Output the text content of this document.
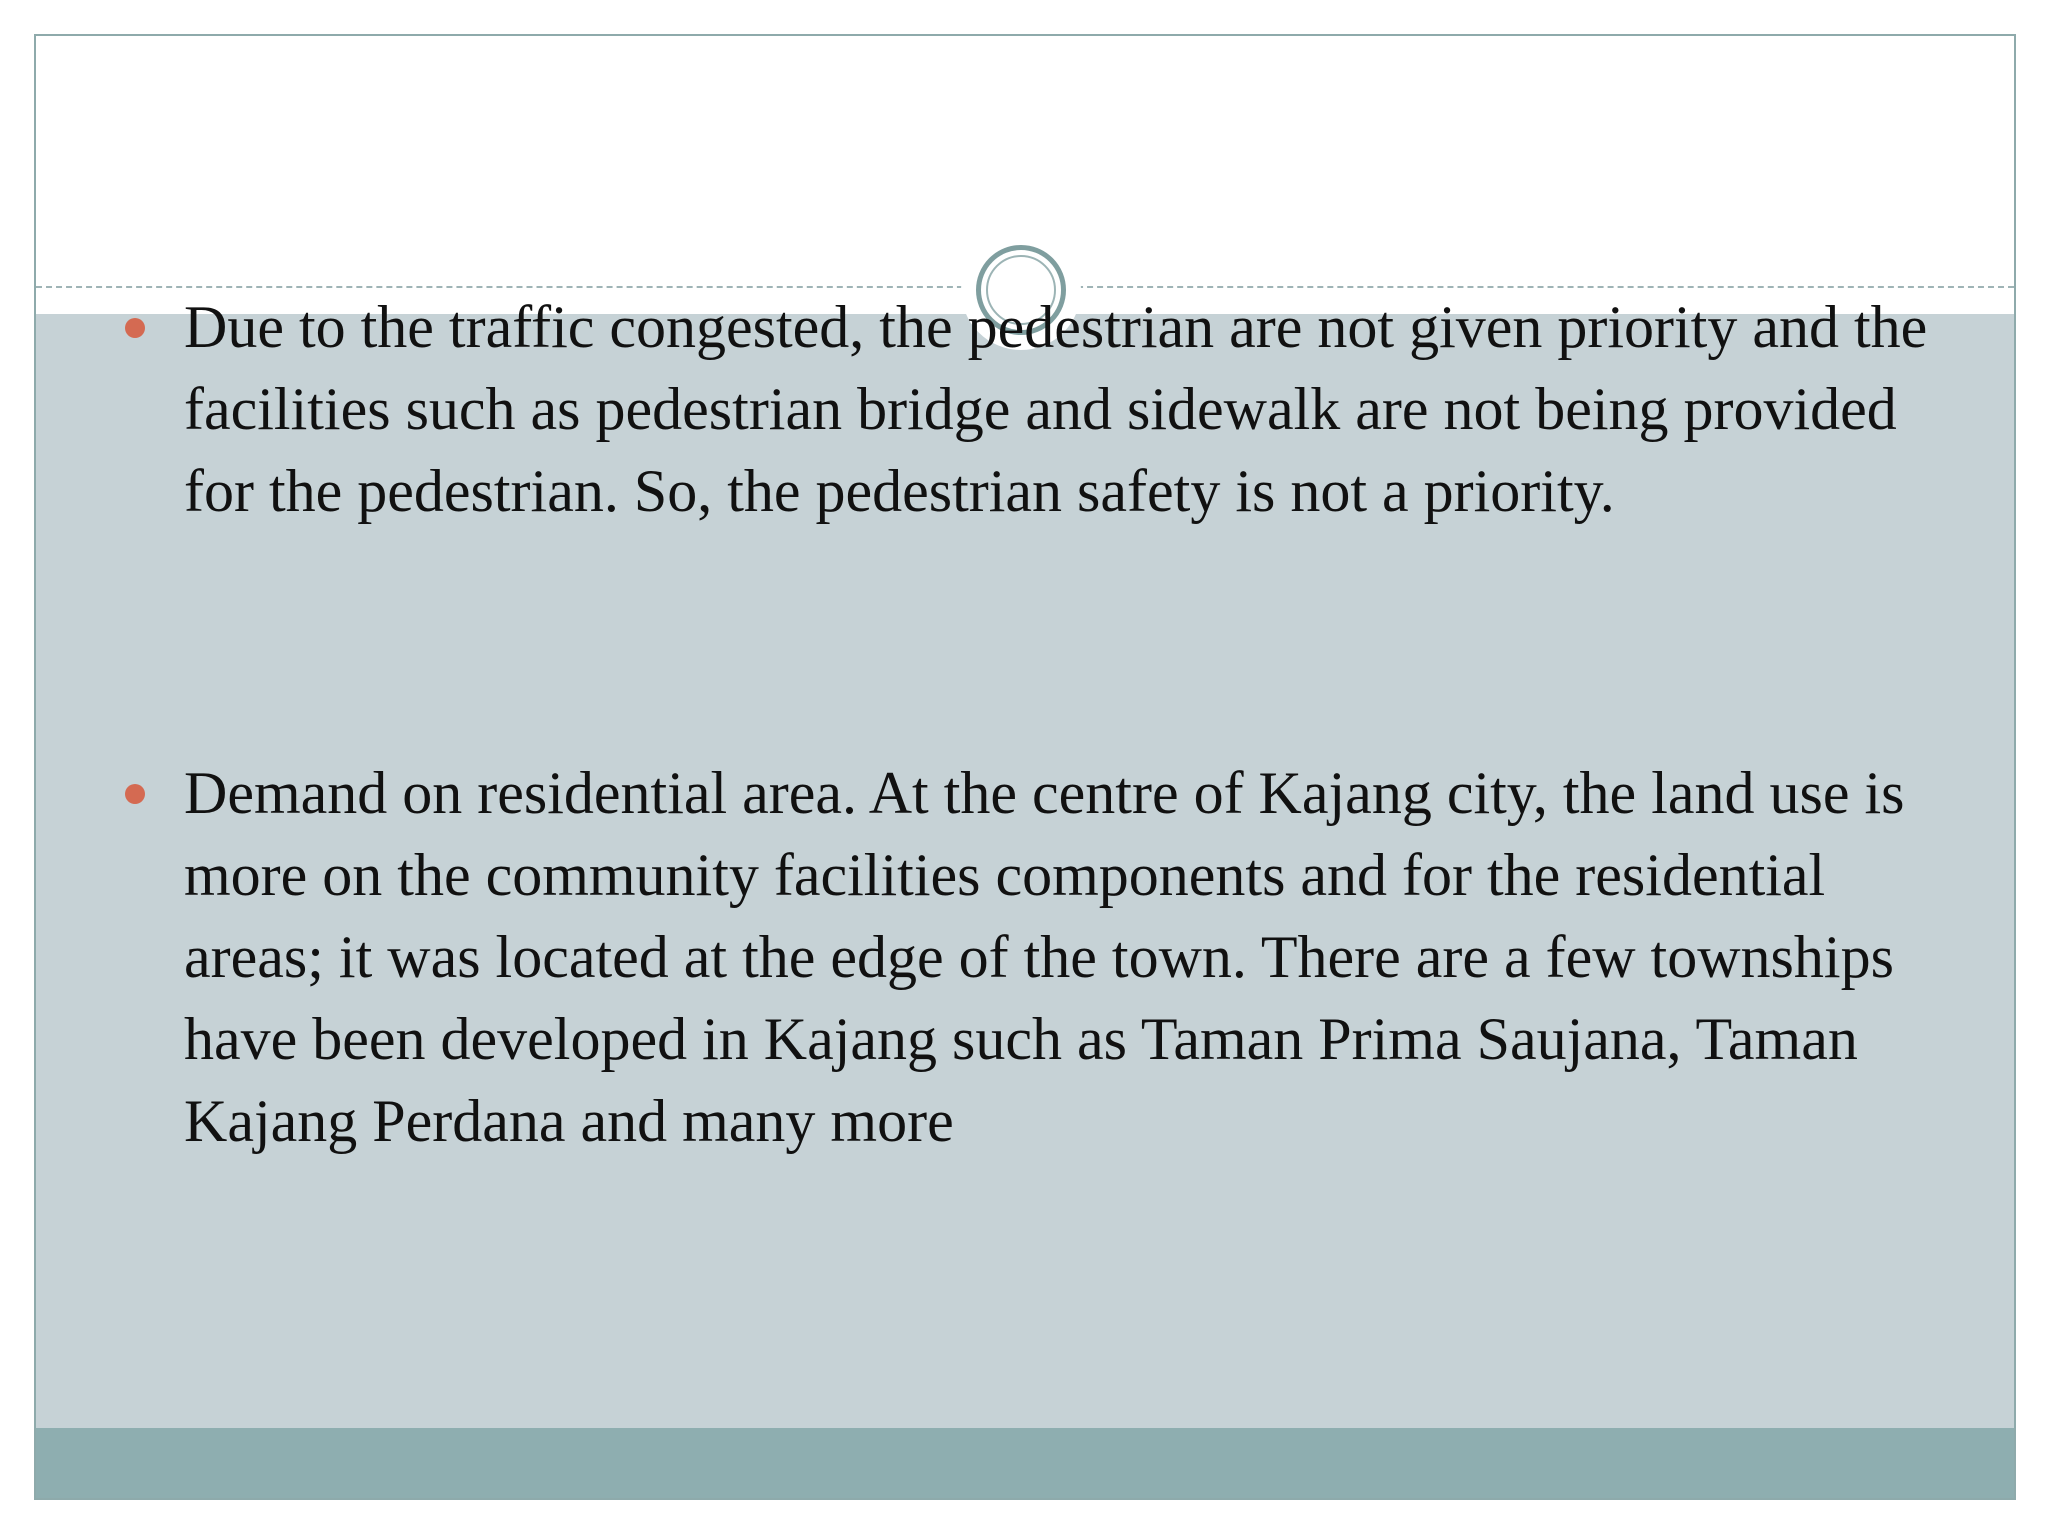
Due to the traffic congested, the pedestrian are not given priority and the facilities such as pedestrian bridge and sidewalk are not being provided for the pedestrian. So, the pedestrian safety is not a priority.
Demand on residential area. At the centre of Kajang city, the land use is more on the community facilities components and for the residential areas; it was located at the edge of the town. There are a few townships have been developed in Kajang such as Taman Prima Saujana, Taman Kajang Perdana and many more
